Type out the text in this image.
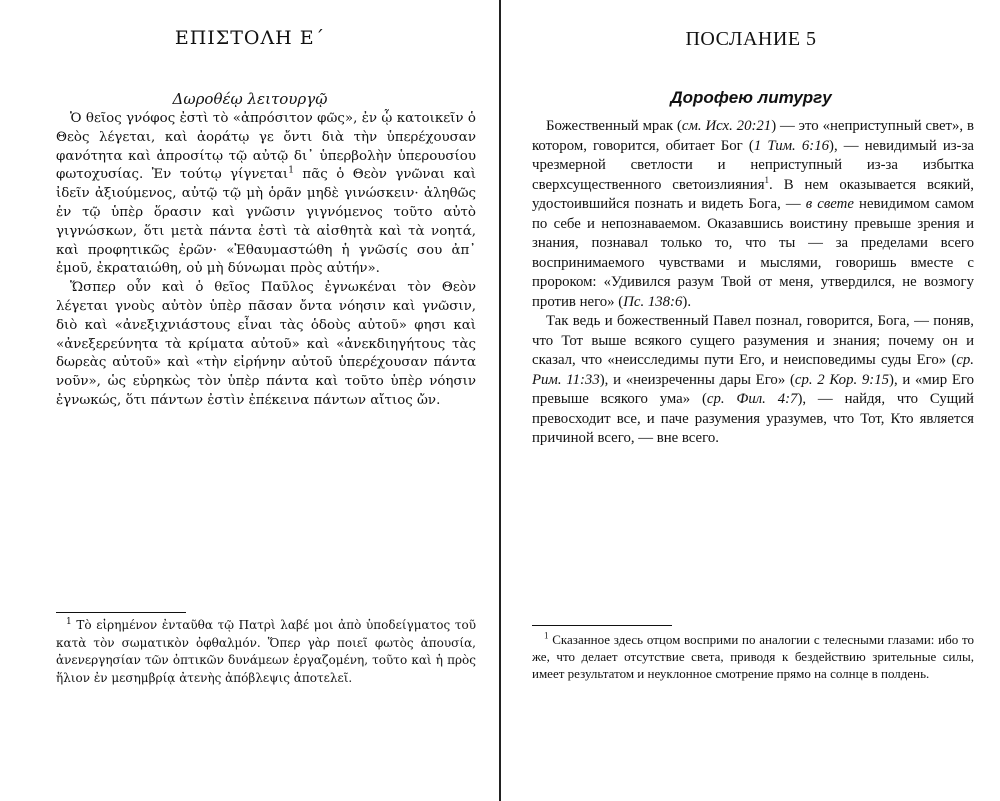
ΕΠΙΣΤΟΛΗ Ε΄
Δωροθέῳ λειτουργῷ

Ὁ θεῖος γνόφος ἐστὶ τὸ «ἀπρόσιτον φῶς», ἐν ᾧ κατοικεῖν ὁ Θεὸς λέγεται, καὶ ἀοράτῳ γε ὄντι διὰ τὴν ὑπερέχουσαν φανότητα καὶ ἀπροσίτῳ τῷ αὐτῷ δι᾿ ὑπερβολὴν ὑπερουσίου φωτοχυσίας. Ἐν τούτῳ γίγνεται$^1$ πᾶς ὁ Θεὸν γνῶναι καὶ ἰδεῖν ἀξιούμενος, αὐτῷ τῷ μὴ ὁρᾶν μηδὲ γινώσκειν· ἀληθῶς ἐν τῷ ὑπὲρ ὅρασιν καὶ γνῶσιν γιγνόμενος τοῦτο αὐτὸ γιγνώσκων, ὅτι μετὰ πάντα ἐστὶ τὰ αἰσθητὰ καὶ τὰ νοητά, καὶ προφητικῶς ἐρῶν· «Ἐθαυμαστώθη ἡ γνῶσίς σου ἀπ᾿ ἐμοῦ, ἐκραταιώθη, οὐ μὴ δύνωμαι πρὸς αὐτήν».

Ὥσπερ οὖν καὶ ὁ θεῖος Παῦλος ἐγνωκέναι τὸν Θεὸν λέγεται γνοὺς αὐτὸν ὑπὲρ πᾶσαν ὄντα νόησιν καὶ γνῶσιν, διὸ καὶ «ἀνεξιχνιάστους εἶναι τὰς ὁδοὺς αὐτοῦ» φησι καὶ «ἀνεξερεύνητα τὰ κρίματα αὐτοῦ» καὶ «ἀνεκδιηγήτους τὰς δωρεὰς αὐτοῦ» καὶ «τὴν εἰρήνην αὐτοῦ ὑπερέχουσαν πάντα νοῦν», ὡς εὑρηκὼς τὸν ὑπὲρ πάντα καὶ τοῦτο ὑπὲρ νόησιν ἐγνωκώς, ὅτι πάντων ἐστὶν ἐπέκεινα πάντων αἴτιος ὤν.

$^1$ Τὸ εἰρημένον ἐνταῦθα τῷ Πατρὶ λαβέ μοι ἀπὸ ὑποδείγματος τοῦ κατὰ τὸν σωματικὸν ὀφθαλμόν. Ὅπερ γὰρ ποιεῖ φωτὸς ἀπουσία, ἀνενεργησίαν τῶν ὀπτικῶν δυνάμεων ἐργαζομένη, τοῦτο καὶ ἡ πρὸς ἥλιον ἐν μεσημβρίᾳ ἀτενὴς ἀπόβλεψις ἀποτελεῖ.
ПОСЛАНИЕ 5
Дорофею литургу

Божественный мрак (см. Исх. 20:21) — это «неприступный свет», в котором, говорится, обитает Бог (1 Тим. 6:16), — невидимый из-за чрезмерной светлости и неприступный из-за избытка сверхсущественного светоизлияния$^1$. В нем оказывается всякий, удостоившийся познать и видеть Бога, — в свете невидимом самом по себе и непознаваемом. Оказавшись воистину превыше зрения и знания, познавал только то, что ты — за пределами всего воспринимаемого чувствами и мыслями, говоришь вместе с пророком: «Удивился разум Твой от меня, утвердился, не возмогу против него» (Пс. 138:6).

Так ведь и божественный Павел познал, говорится, Бога, — поняв, что Тот выше всякого сущего разумения и знания; почему он и сказал, что «неисследимы пути Его, и неисповедимы суды Его» (ср. Рим. 11:33), и «неизреченны дары Его» (ср. 2 Кор. 9:15), и «мир Его превыше всякого ума» (ср. Фил. 4:7), — найдя, что Сущий превосходит все, и паче разумения уразумев, что Тот, Кто является причиной всего, — вне всего.

$^1$ Сказанное здесь отцом восприми по аналогии с телесными глазами: ибо то же, что делает отсутствие света, приводя к бездействию зрительные силы, имеет результатом и неуклонное смотрение прямо на солнце в полдень.
